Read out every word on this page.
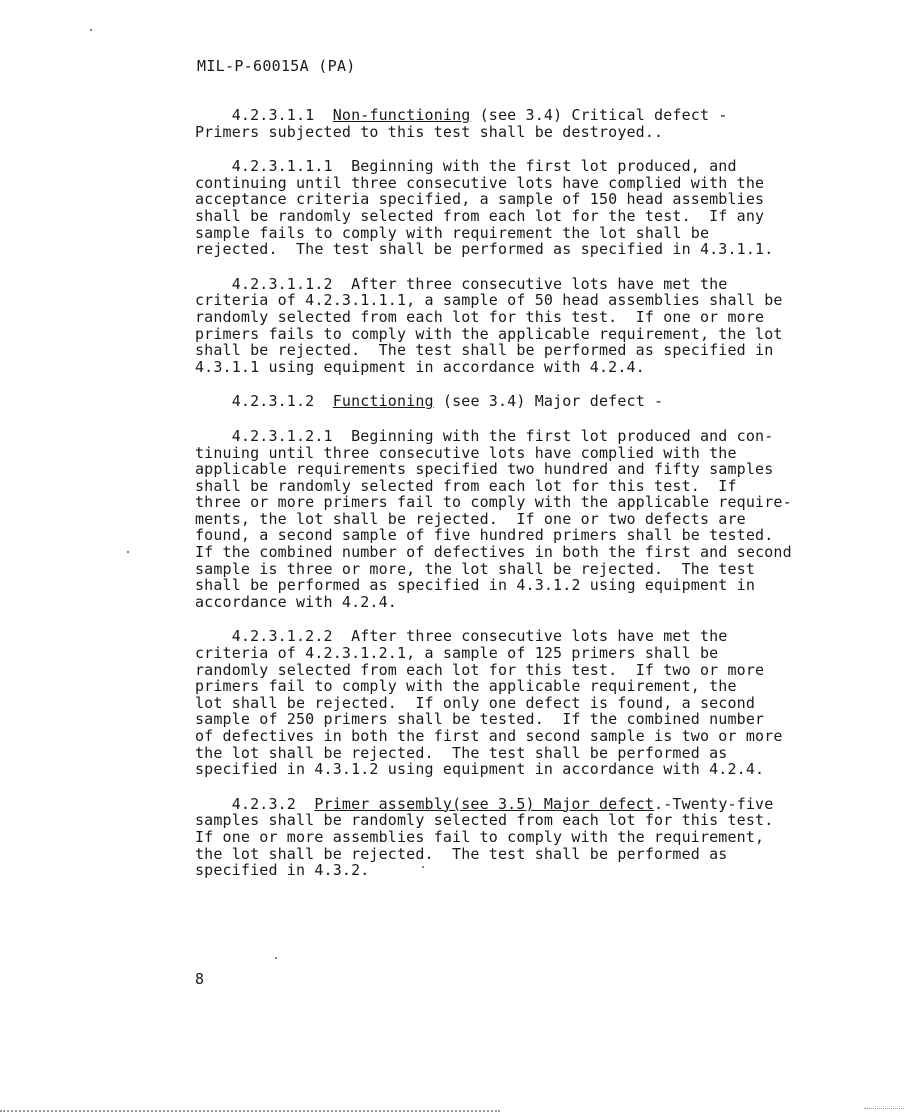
MIL-P-60015A (PA)
4.2.3.1.1  Non-functioning (see 3.4) Critical defect -
Primers subjected to this test shall be destroyed..
4.2.3.1.1.1  Beginning with the first lot produced, and
continuing until three consecutive lots have complied with the
acceptance criteria specified, a sample of 150 head assemblies
shall be randomly selected from each lot for the test.  If any
sample fails to comply with requirement the lot shall be
rejected.  The test shall be performed as specified in 4.3.1.1.
4.2.3.1.1.2  After three consecutive lots have met the
criteria of 4.2.3.1.1.1, a sample of 50 head assemblies shall be
randomly selected from each lot for this test.  If one or more
primers fails to comply with the applicable requirement, the lot
shall be rejected.  The test shall be performed as specified in
4.3.1.1 using equipment in accordance with 4.2.4.
4.2.3.1.2  Functioning (see 3.4) Major defect -
4.2.3.1.2.1  Beginning with the first lot produced and con-
tinuing until three consecutive lots have complied with the
applicable requirements specified two hundred and fifty samples
shall be randomly selected from each lot for this test.  If
three or more primers fail to comply with the applicable require-
ments, the lot shall be rejected.  If one or two defects are
found, a second sample of five hundred primers shall be tested.
If the combined number of defectives in both the first and second
sample is three or more, the lot shall be rejected.  The test
shall be performed as specified in 4.3.1.2 using equipment in
accordance with 4.2.4.
4.2.3.1.2.2  After three consecutive lots have met the
criteria of 4.2.3.1.2.1, a sample of 125 primers shall be
randomly selected from each lot for this test.  If two or more
primers fail to comply with the applicable requirement, the
lot shall be rejected.  If only one defect is found, a second
sample of 250 primers shall be tested.  If the combined number
of defectives in both the first and second sample is two or more
the lot shall be rejected.  The test shall be performed as
specified in 4.3.1.2 using equipment in accordance with 4.2.4.
4.2.3.2  Primer assembly(see 3.5) Major defect.-Twenty-five
samples shall be randomly selected from each lot for this test.
If one or more assemblies fail to comply with the requirement,
the lot shall be rejected.  The test shall be performed as
specified in 4.3.2.
8
